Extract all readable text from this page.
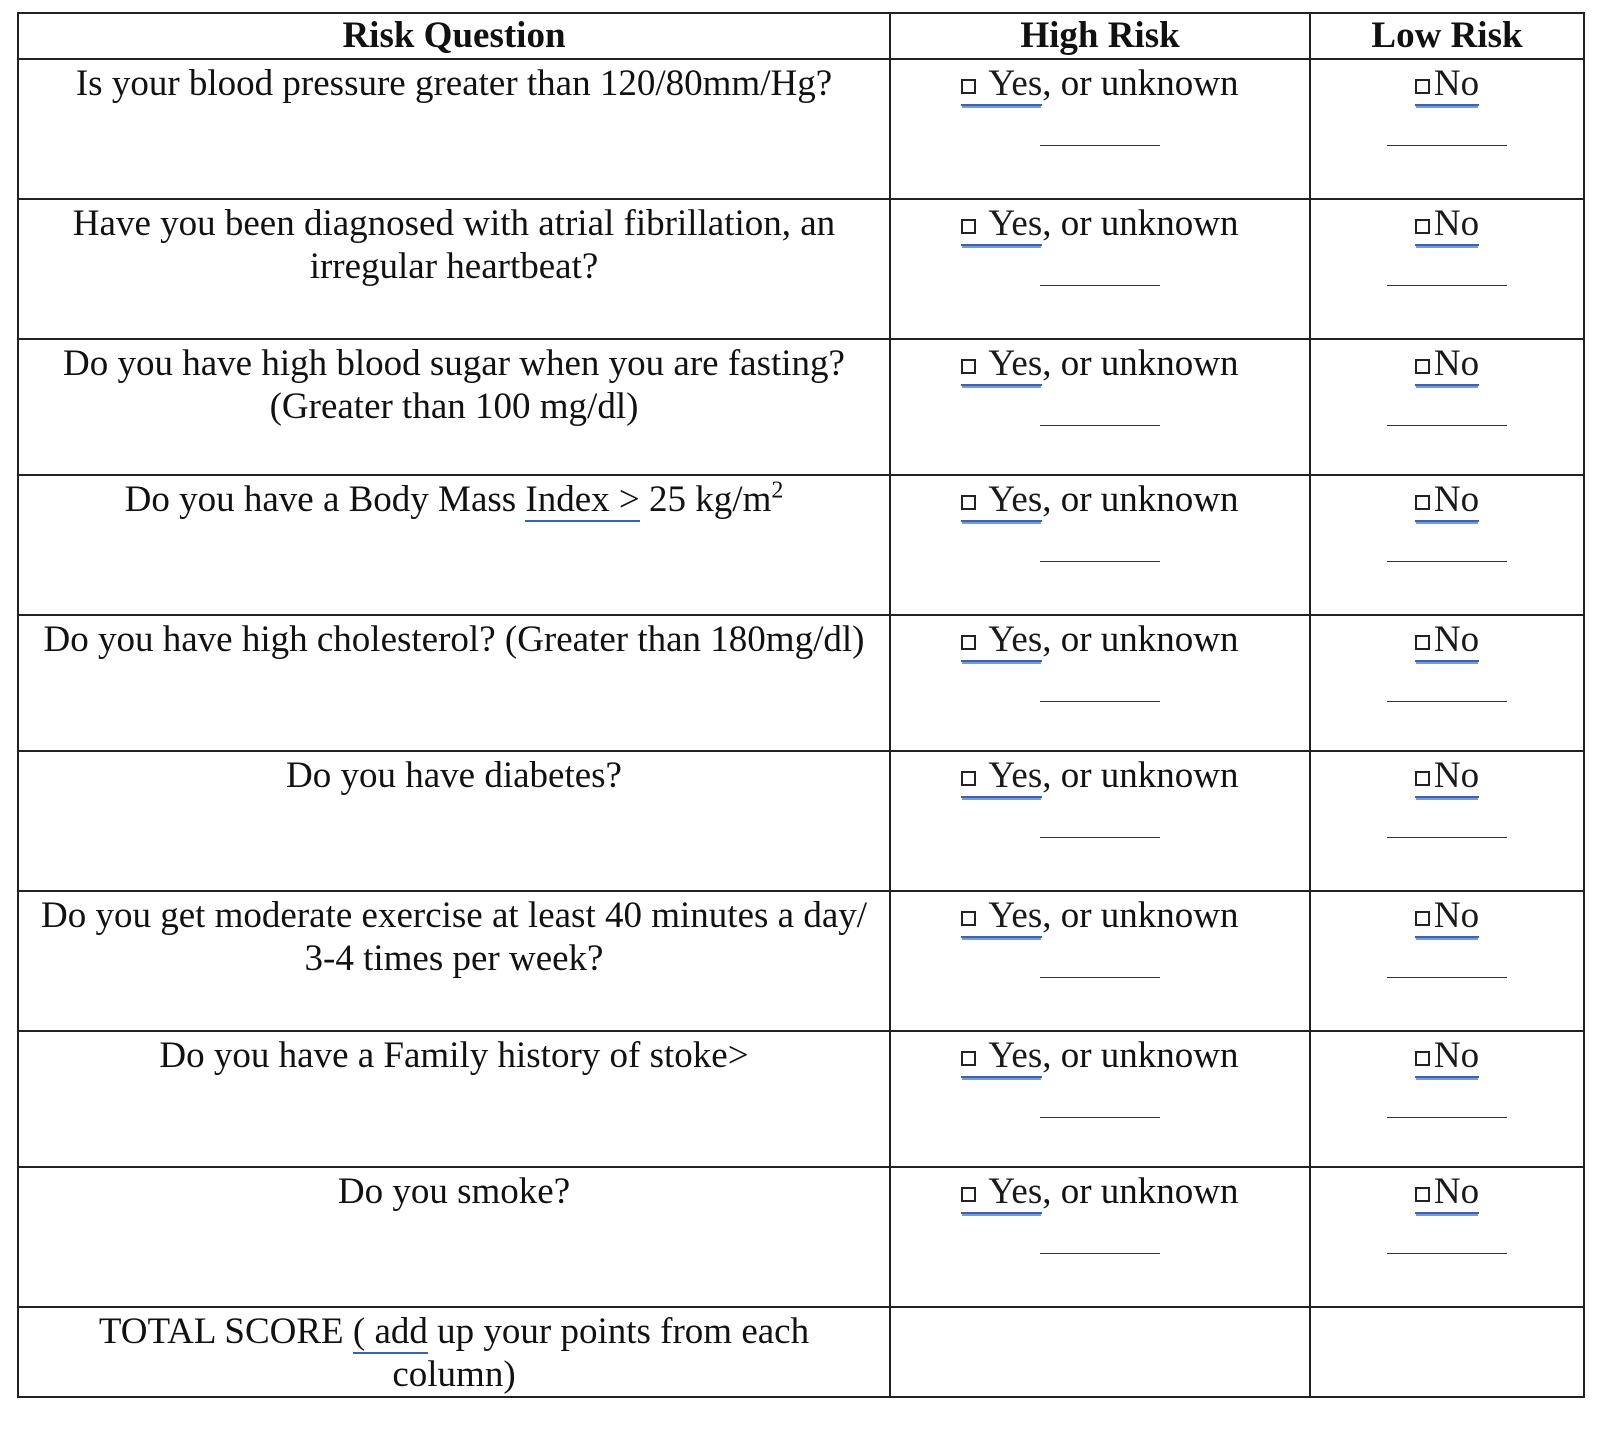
Risk Question	High Risk	Low Risk

Is your blood pressure greater than 120/80mm/Hg?	Yes, or unknown	No

Have you been diagnosed with atrial fibrillation, an irregular heartbeat?	Yes, or unknown	No

Do you have high blood sugar when you are fasting? (Greater than 100 mg/dl)	Yes, or unknown	No

Do you have a Body Mass Index > 25 $kg/m^2$	Yes, or unknown	No

Do you have high cholesterol? (Greater than 180mg/dl)	Yes, or unknown	No

Do you have diabetes?	Yes, or unknown	No

Do you get moderate exercise at least 40 minutes a day/ 3-4 times per week?	Yes, or unknown	No

Do you have a Family history of stoke>	Yes, or unknown	No

Do you smoke?	Yes, or unknown	No

TOTAL SCORE ( add up your points from each column)		
